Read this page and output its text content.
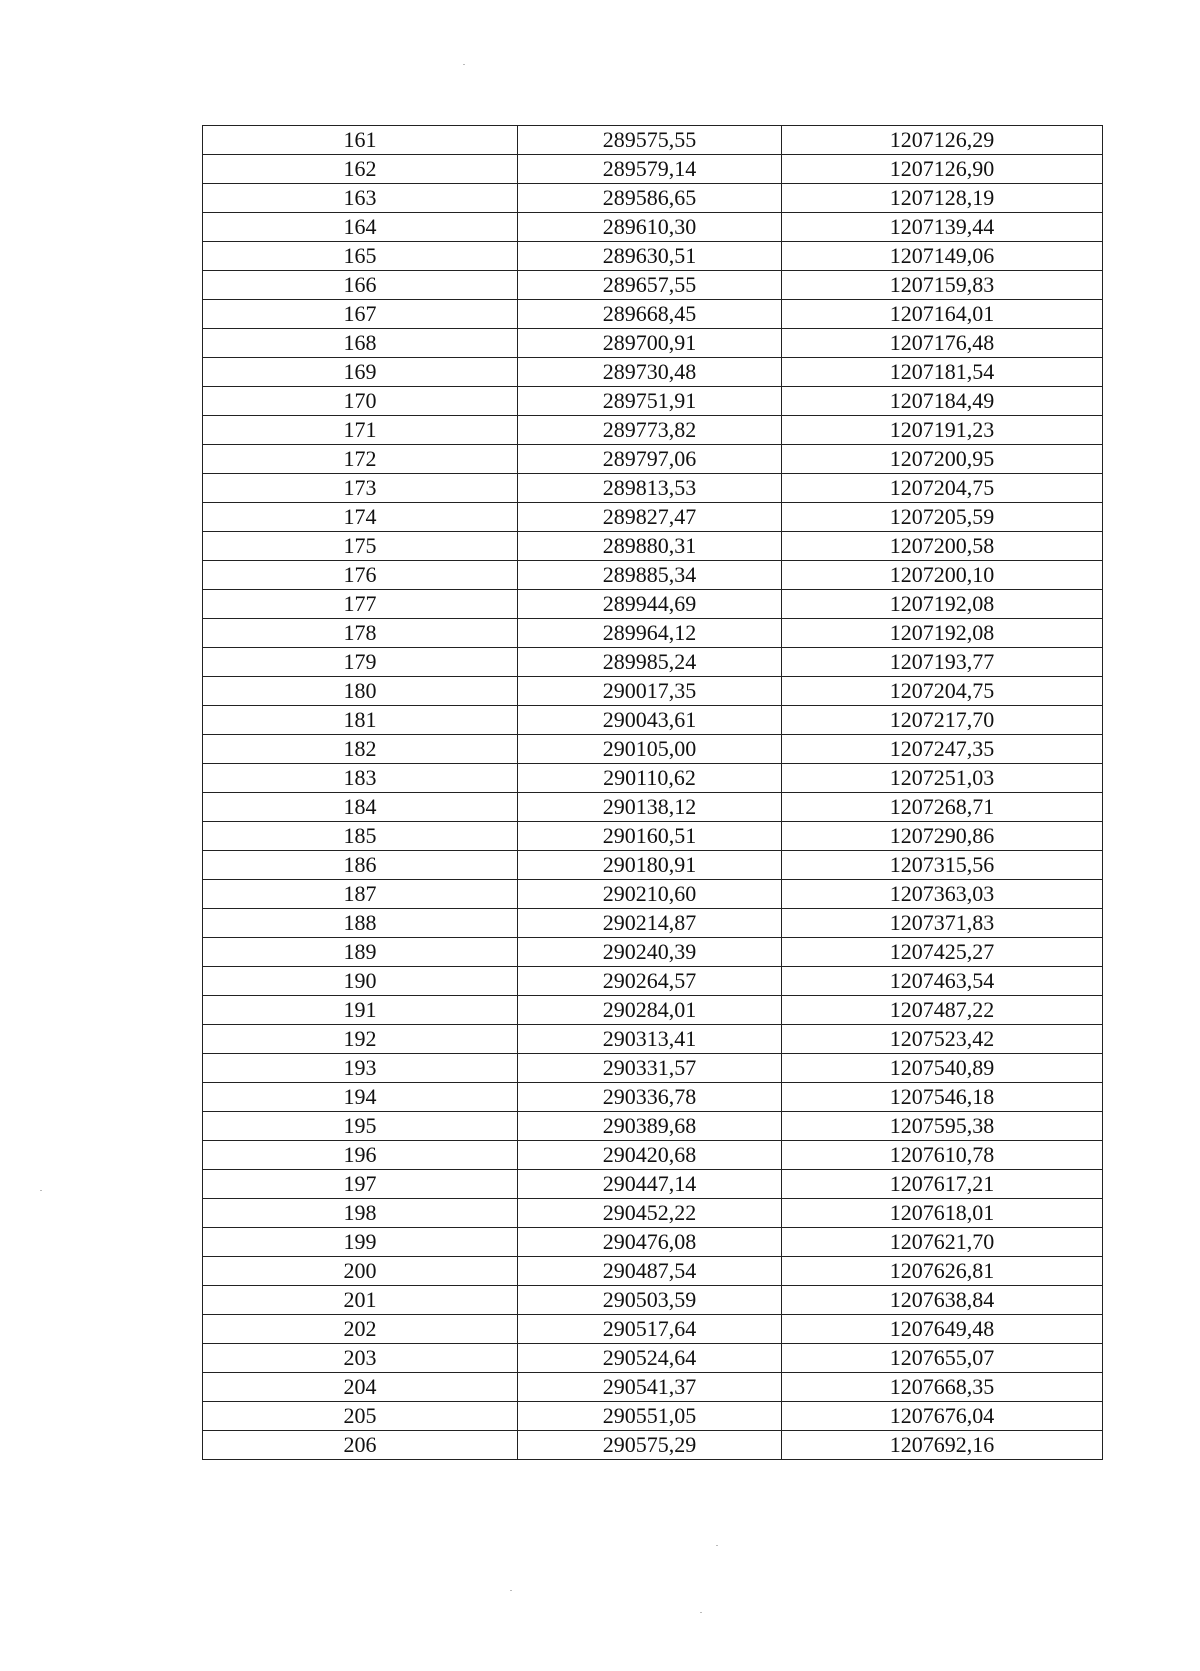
161	289575,55	1207126,29
162	289579,14	1207126,90
163	289586,65	1207128,19
164	289610,30	1207139,44
165	289630,51	1207149,06
166	289657,55	1207159,83
167	289668,45	1207164,01
168	289700,91	1207176,48
169	289730,48	1207181,54
170	289751,91	1207184,49
171	289773,82	1207191,23
172	289797,06	1207200,95
173	289813,53	1207204,75
174	289827,47	1207205,59
175	289880,31	1207200,58
176	289885,34	1207200,10
177	289944,69	1207192,08
178	289964,12	1207192,08
179	289985,24	1207193,77
180	290017,35	1207204,75
181	290043,61	1207217,70
182	290105,00	1207247,35
183	290110,62	1207251,03
184	290138,12	1207268,71
185	290160,51	1207290,86
186	290180,91	1207315,56
187	290210,60	1207363,03
188	290214,87	1207371,83
189	290240,39	1207425,27
190	290264,57	1207463,54
191	290284,01	1207487,22
192	290313,41	1207523,42
193	290331,57	1207540,89
194	290336,78	1207546,18
195	290389,68	1207595,38
196	290420,68	1207610,78
197	290447,14	1207617,21
198	290452,22	1207618,01
199	290476,08	1207621,70
200	290487,54	1207626,81
201	290503,59	1207638,84
202	290517,64	1207649,48
203	290524,64	1207655,07
204	290541,37	1207668,35
205	290551,05	1207676,04
206	290575,29	1207692,16
